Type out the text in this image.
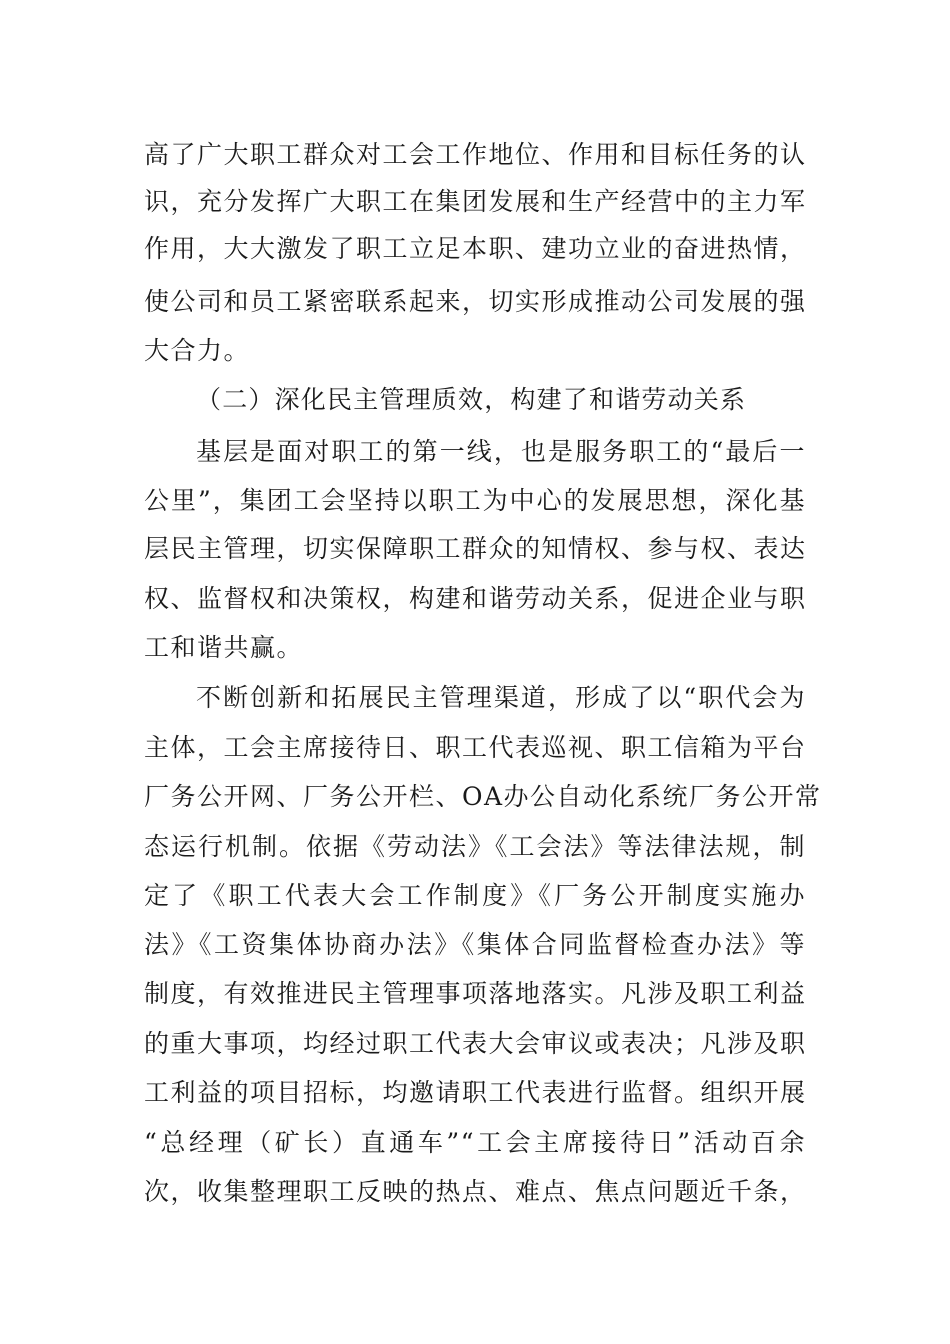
高了广大职工群众对工会工作地位、作用和目标任务的认
识，充分发挥广大职工在集团发展和生产经营中的主力军
作用，大大激发了职工立足本职、建功立业的奋进热情，
使公司和员工紧密联系起来，切实形成推动公司发展的强
大合力。
（二）深化民主管理质效，构建了和谐劳动关系
基层是面对职工的第一线，也是服务职工的“最后一
公里”，集团工会坚持以职工为中心的发展思想，深化基
层民主管理，切实保障职工群众的知情权、参与权、表达
权、监督权和决策权，构建和谐劳动关系，促进企业与职
工和谐共赢。
不断创新和拓展民主管理渠道，形成了以“职代会为
主体，工会主席接待日、职工代表巡视、职工信箱为平台
厂务公开网、厂务公开栏、OA办公自动化系统厂务公开常
态运行机制。依据《劳动法》《工会法》等法律法规，制
定了《职工代表大会工作制度》《厂务公开制度实施办
法》《工资集体协商办法》《集体合同监督检查办法》等
制度，有效推进民主管理事项落地落实。凡涉及职工利益
的重大事项，均经过职工代表大会审议或表决；凡涉及职
工利益的项目招标，均邀请职工代表进行监督。组织开展
“总经理（矿长）直通车”“工会主席接待日”活动百余
次，收集整理职工反映的热点、难点、焦点问题近千条，
